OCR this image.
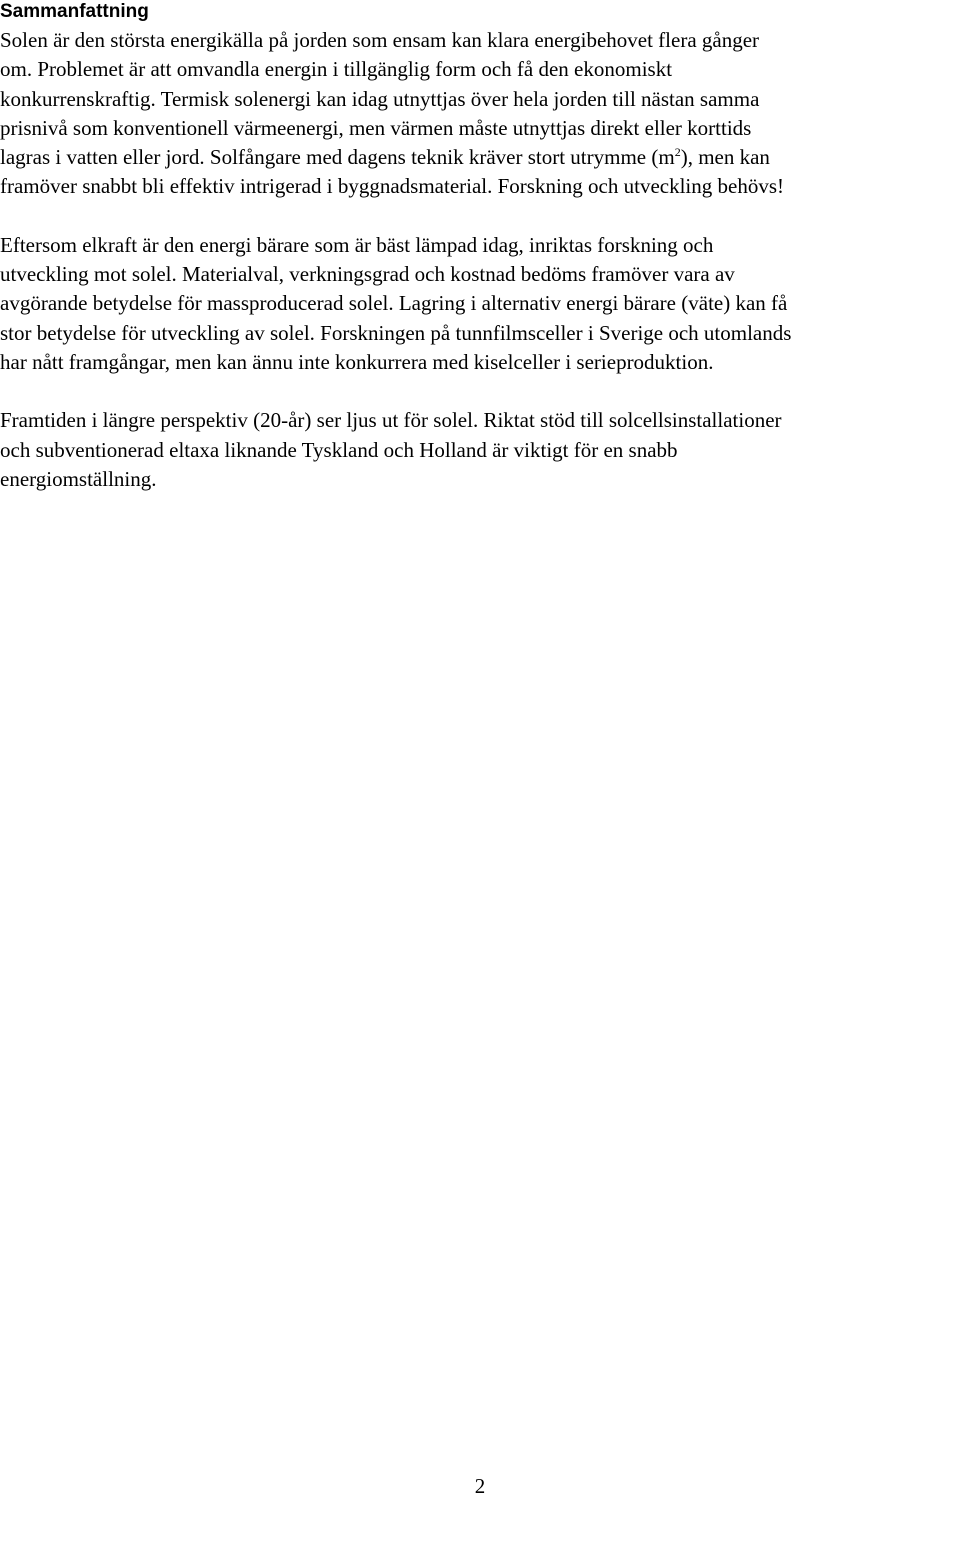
Sammanfattning

Solen är den största energikälla på jorden som ensam kan klara energibehovet flera gånger
om. Problemet är att omvandla energin i tillgänglig form och få den ekonomiskt
konkurrenskraftig. Termisk solenergi kan idag utnyttjas över hela jorden till nästan samma
prisnivå som konventionell värmeenergi, men värmen måste utnyttjas direkt eller korttids
lagras i vatten eller jord. Solfångare med dagens teknik kräver stort utrymme $(m^2)$, men kan
framöver snabbt bli effektiv intrigerad i byggnadsmaterial. Forskning och utveckling behövs!

Eftersom elkraft är den energi bärare som är bäst lämpad idag, inriktas forskning och
utveckling mot solel. Materialval, verkningsgrad och kostnad bedöms framöver vara av
avgörande betydelse för massproducerad solel. Lagring i alternativ energi bärare (väte) kan få
stor betydelse för utveckling av solel. Forskningen på tunnfilmsceller i Sverige och utomlands
har nått framgångar, men kan ännu inte konkurrera med kiselceller i serieproduktion.

Framtiden i längre perspektiv (20-år) ser ljus ut för solel. Riktat stöd till solcellsinstallationer
och subventionerad eltaxa liknande Tyskland och Holland är viktigt för en snabb
energiomställning.

2
